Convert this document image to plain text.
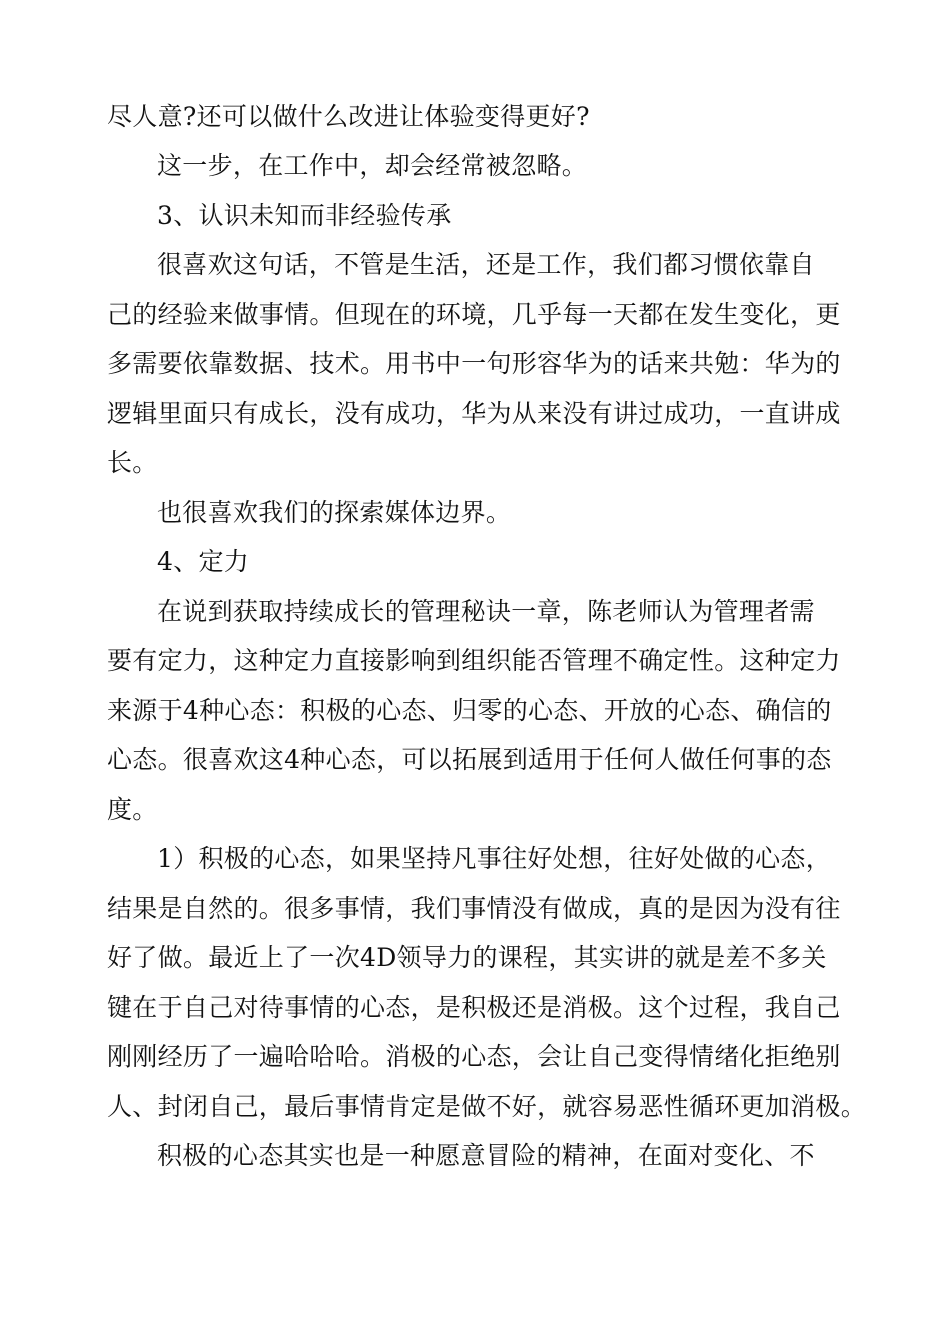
尽人意?还可以做什么改进让体验变得更好?
这一步，在工作中，却会经常被忽略。
3、认识未知而非经验传承
很喜欢这句话，不管是生活，还是工作，我们都习惯依靠自
己的经验来做事情。但现在的环境，几乎每一天都在发生变化，更
多需要依靠数据、技术。用书中一句形容华为的话来共勉：华为的
逻辑里面只有成长，没有成功，华为从来没有讲过成功，一直讲成
长。
也很喜欢我们的探索媒体边界。
4、定力
在说到获取持续成长的管理秘诀一章，陈老师认为管理者需
要有定力，这种定力直接影响到组织能否管理不确定性。这种定力
来源于4种心态：积极的心态、归零的心态、开放的心态、确信的
心态。很喜欢这4种心态，可以拓展到适用于任何人做任何事的态
度。
1）积极的心态，如果坚持凡事往好处想，往好处做的心态，
结果是自然的。很多事情，我们事情没有做成，真的是因为没有往
好了做。最近上了一次4D领导力的课程，其实讲的就是差不多关
键在于自己对待事情的心态，是积极还是消极。这个过程，我自己
刚刚经历了一遍哈哈哈。消极的心态，会让自己变得情绪化拒绝别
人、封闭自己，最后事情肯定是做不好，就容易恶性循环更加消极。
积极的心态其实也是一种愿意冒险的精神，在面对变化、不
